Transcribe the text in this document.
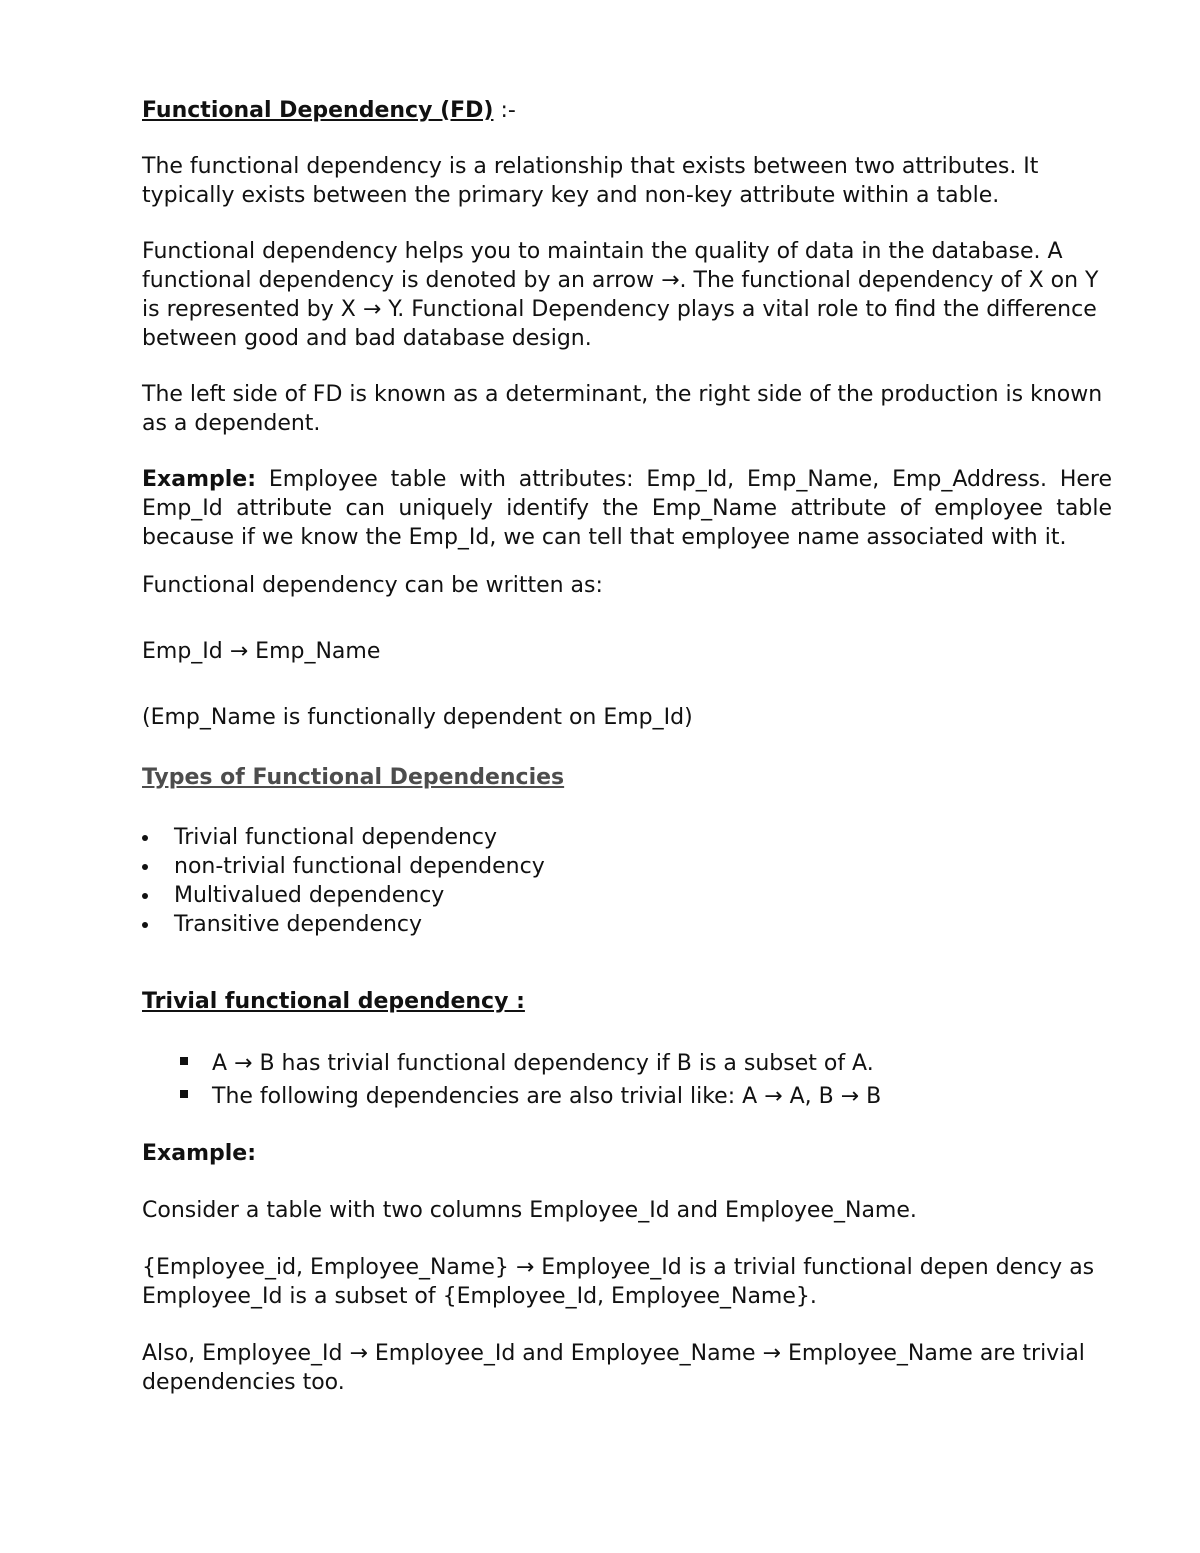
Functional Dependency (FD) :-

The functional dependency is a relationship that exists between two attributes. It typically exists between the primary key and non-key attribute within a table.

Functional dependency helps you to maintain the quality of data in the database. A functional dependency is denoted by an arrow →. The functional dependency of X on Y is represented by X → Y. Functional Dependency plays a vital role to find the difference between good and bad database design.

The left side of FD is known as a determinant, the right side of the production is known as a dependent.

Example: Employee table with attributes: Emp_Id, Emp_Name, Emp_Address. Here Emp_Id attribute can uniquely identify the Emp_Name attribute of employee table because if we know the Emp_Id, we can tell that employee name associated with it.

Functional dependency can be written as:

Emp_Id → Emp_Name

(Emp_Name is functionally dependent on Emp_Id)

Types of Functional Dependencies

Trivial functional dependency
non-trivial functional dependency
Multivalued dependency
Transitive dependency

Trivial functional dependency :

A → B has trivial functional dependency if B is a subset of A.
The following dependencies are also trivial like: A → A, B → B

Example:

Consider a table with two columns Employee_Id and Employee_Name.

{Employee_id, Employee_Name} → Employee_Id is a trivial functional depen dency as

Employee_Id is a subset of {Employee_Id, Employee_Name}.

Also, Employee_Id → Employee_Id and Employee_Name → Employee_Name are trivial dependencies too.
